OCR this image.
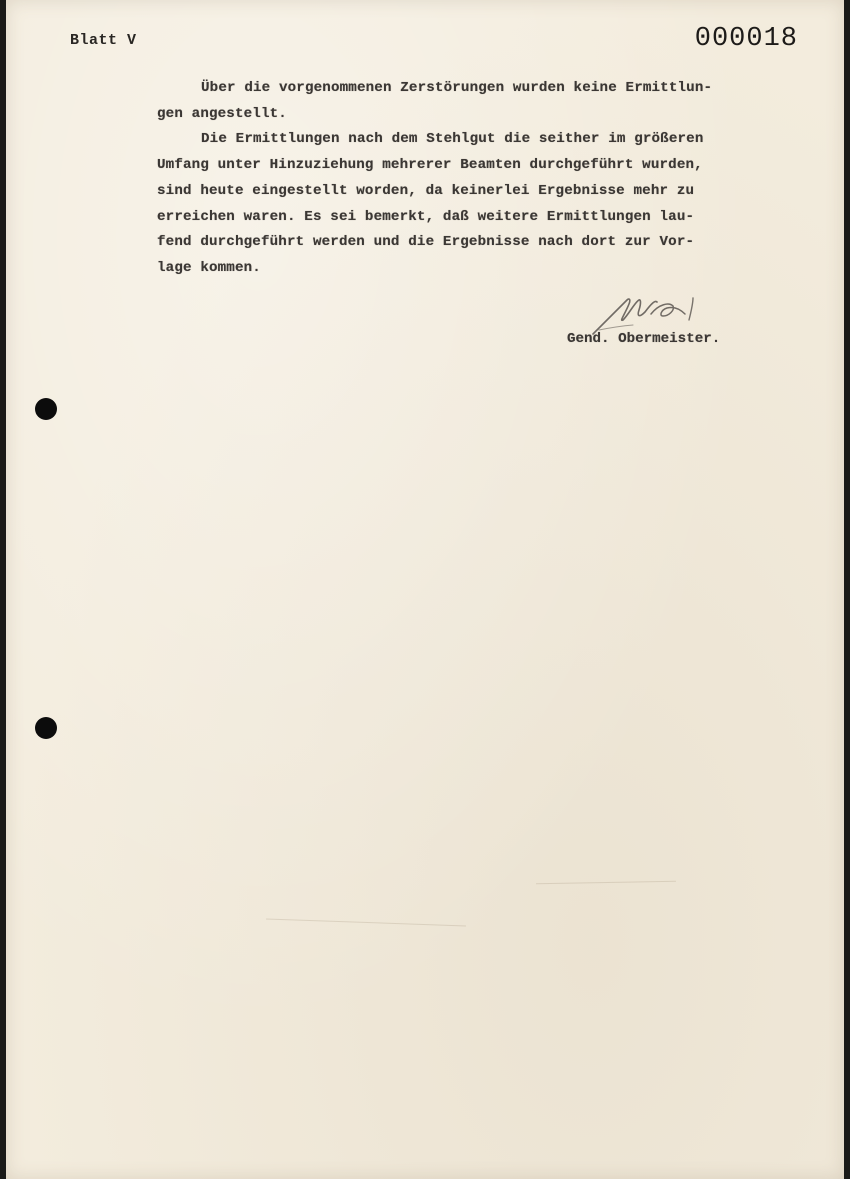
Blatt V	000018
Über die vorgenommenen Zerstörungen wurden keine Ermittlun-
gen angestellt.
Die Ermittlungen nach dem Stehlgut die seither im größeren
Umfang unter Hinzuziehung mehrerer Beamten durchgeführt wurden,
sind heute eingestellt worden, da keinerlei Ergebnisse mehr zu
erreichen waren. Es sei bemerkt, daß weitere Ermittlungen lau-
fend durchgeführt werden und die Ergebnisse nach dort zur Vor-
lage kommen.
Gend. Obermeister.
